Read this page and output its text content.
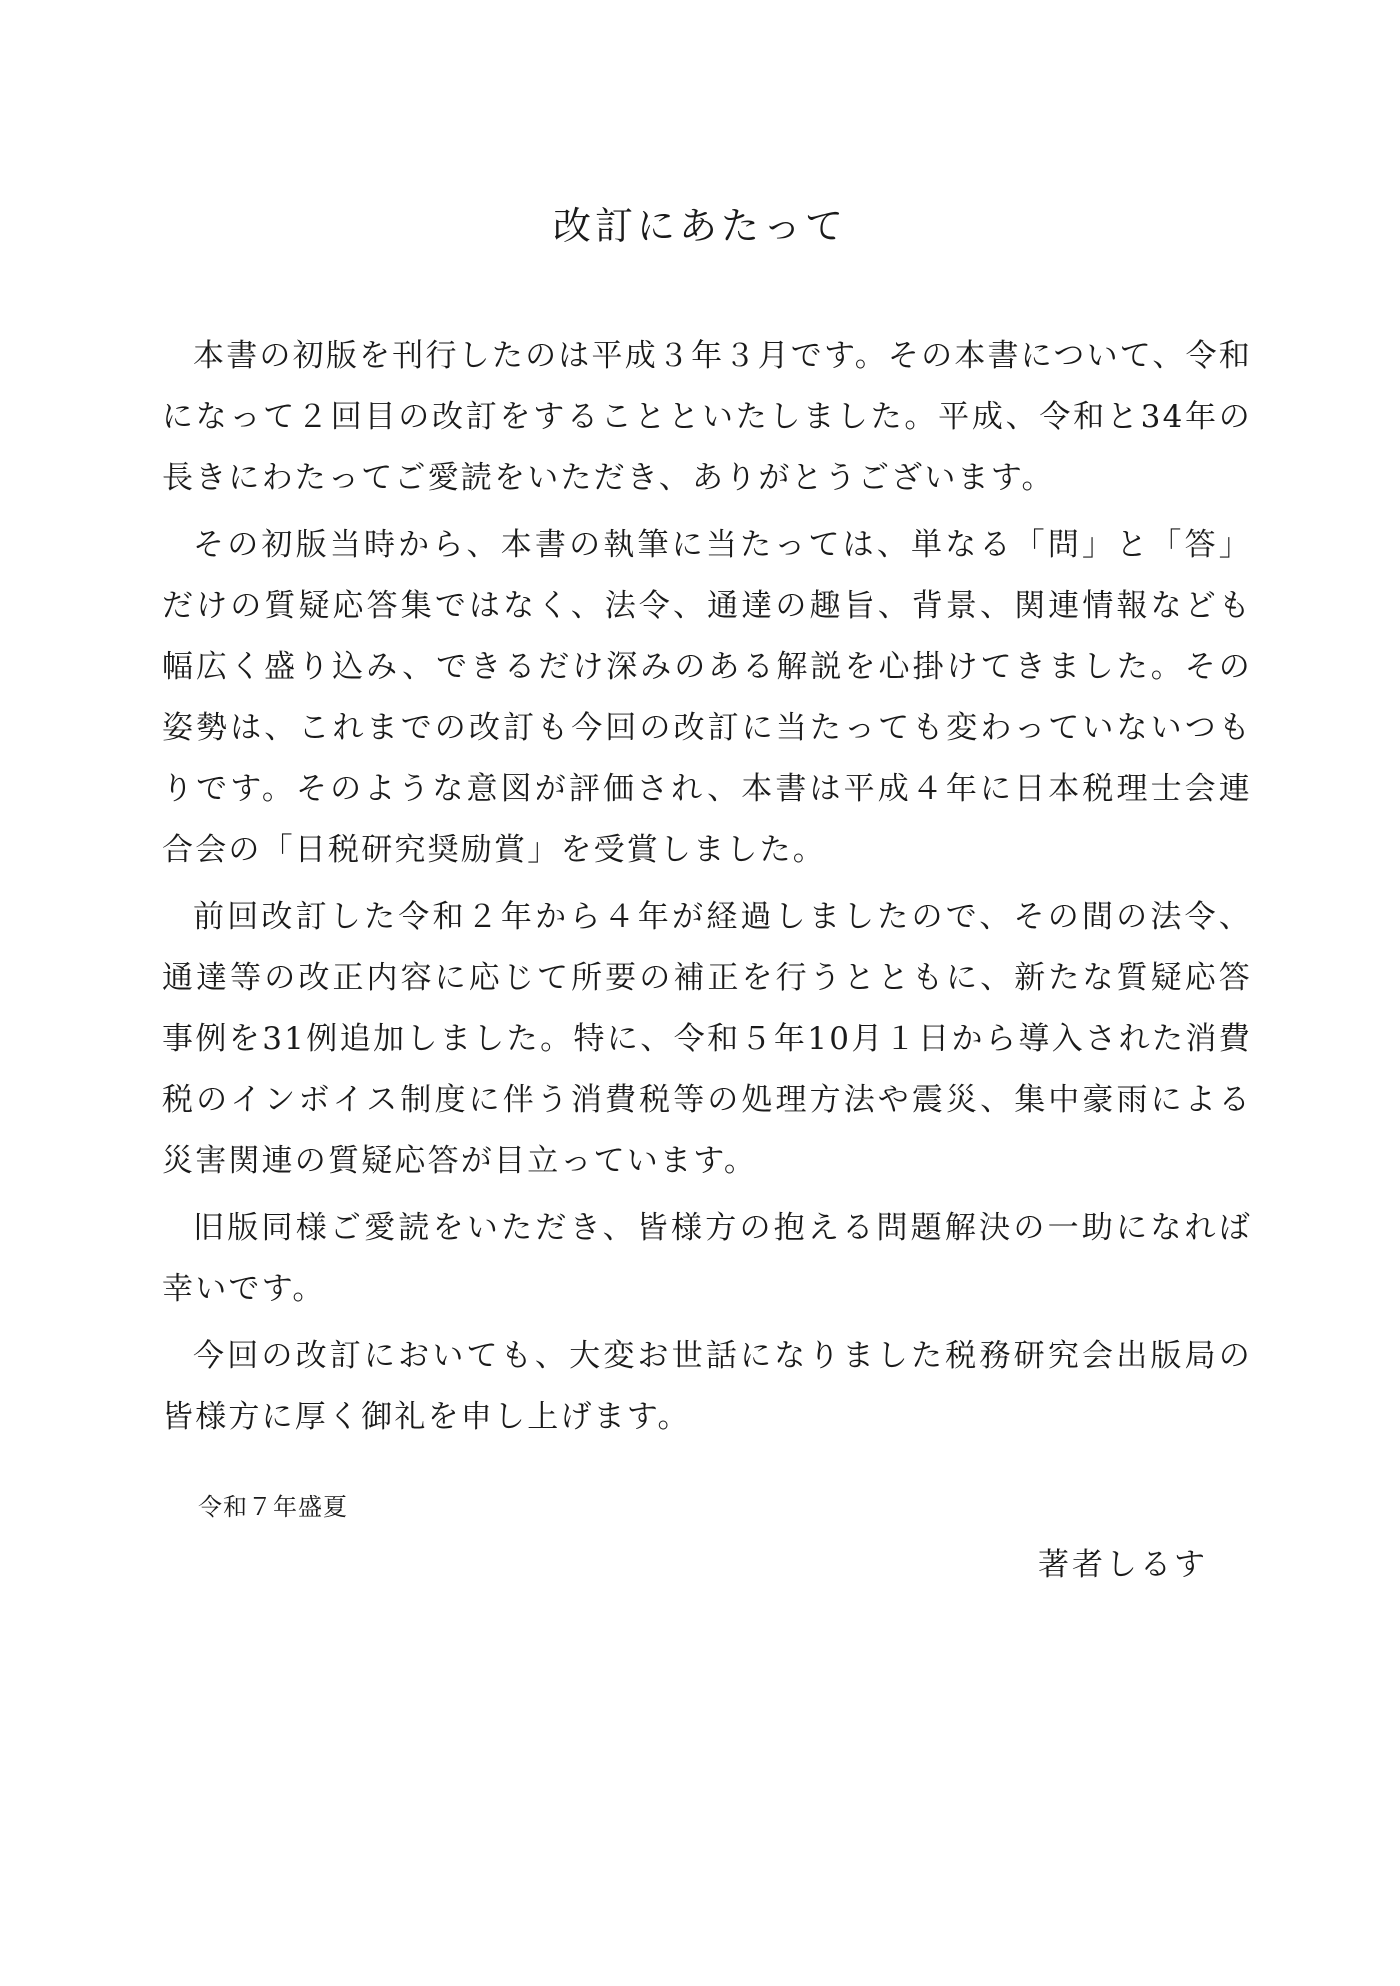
改訂にあたって

本書の初版を刊行したのは平成３年３月です。その本書について、令和になって２回目の改訂をすることといたしました。平成、令和と34年の長きにわたってご愛読をいただき、ありがとうございます。

その初版当時から、本書の執筆に当たっては、単なる「問」と「答」だけの質疑応答集ではなく、法令、通達の趣旨、背景、関連情報なども幅広く盛り込み、できるだけ深みのある解説を心掛けてきました。その姿勢は、これまでの改訂も今回の改訂に当たっても変わっていないつもりです。そのような意図が評価され、本書は平成４年に日本税理士会連合会の「日税研究奨励賞」を受賞しました。

前回改訂した令和２年から４年が経過しましたので、その間の法令、通達等の改正内容に応じて所要の補正を行うとともに、新たな質疑応答事例を31例追加しました。特に、令和５年10月１日から導入された消費税のインボイス制度に伴う消費税等の処理方法や震災、集中豪雨による災害関連の質疑応答が目立っています。

旧版同様ご愛読をいただき、皆様方の抱える問題解決の一助になれば幸いです。

今回の改訂においても、大変お世話になりました税務研究会出版局の皆様方に厚く御礼を申し上げます。

令和７年盛夏
著者しるす
